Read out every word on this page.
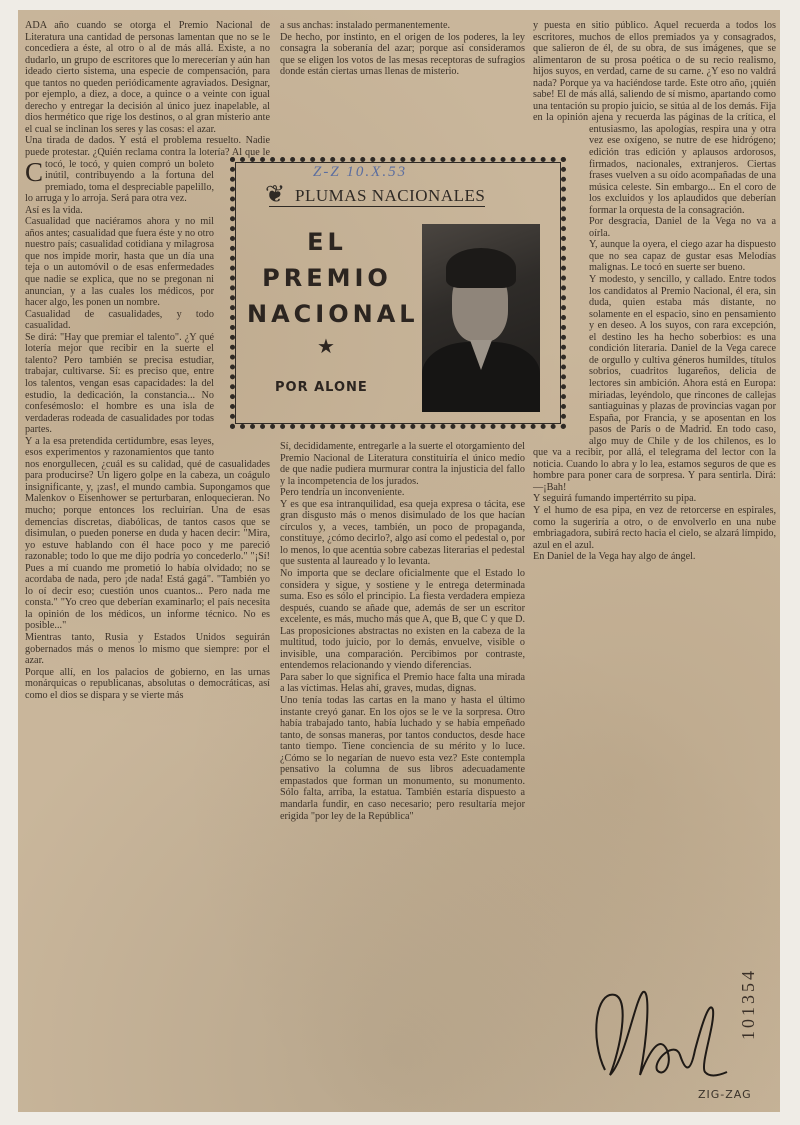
C
ADA año cuando se otorga el Premio Nacional de Literatura una cantidad de personas lamentan que no se le concediera a éste, al otro o al de más allá. Existe, a no dudarlo, un grupo de escritores que lo merecerían y aún han ideado cierto sistema, una especie de compensación, para que tantos no queden periódicamente agraviados. Designar, por ejemplo, a diez, a doce, a quince o a veinte con igual derecho y entregar la decisión al único juez inapelable, al dios hermético que rige los destinos, o al gran misterio ante el cual se inclinan los seres y las cosas: el azar.

Una tirada de dados. Y está el problema resuelto. Nadie puede protestar. ¿Quién reclama contra la lotería? Al que le tocó, le tocó, y quien compró un boleto inútil, contribuyendo a la fortuna del premiado, toma el despreciable papelillo, lo arruga y lo arroja. Será para otra vez.

Así es la vida.

Casualidad que naciéramos ahora y no mil años antes; casualidad que fuera éste y no otro nuestro país; casualidad cotidiana y milagrosa que nos impide morir, hasta que un día una teja o un automóvil o de esas enfermedades que nadie se explica, que no se pregonan ni anuncian, y a las cuales los médicos, por hacer algo, les ponen un nombre.

Casualidad de casualidades, y todo casualidad.

Se dirá: "Hay que premiar el talento". ¿Y qué lotería mejor que recibir en la suerte el talento? Pero también se precisa estudiar, trabajar, cultivarse. Sí: es preciso que, entre los talentos, vengan esas capacidades: la del estudio, la dedicación, la constancia... No confesémoslo: el hombre es una isla de verdaderas rodeada de casualidades por todas partes.

Y a la esa pretendida certidumbre, esas leyes, esos experimentos y razonamientos que tanto nos enorgullecen, ¿cuál es su calidad, qué de casualidades para producirse? Un ligero golpe en la cabeza, un coágulo insignificante, y, ¡zas!, el mundo cambia. Supongamos que Malenkov o Eisenhower se perturbaran, enloquecieran. No mucho; porque entonces los recluirían. Una de esas demencias discretas, diabólicas, de tantos casos que se disimulan, o pueden ponerse en duda y hacen decir: "Mira, yo estuve hablando con él hace poco y me pareció razonable; todo lo que me dijo podría yo concederlo." "¡Sí! Pues a mí cuando me prometió lo había olvidado; no se acordaba de nada, pero ¡de nada! Está gagá". "También yo lo oí decir eso; cuestión unos cuantos... Pero nada me consta." "Yo creo que deberían examinarlo; el país necesita la opinión de los médicos, un informe técnico. No es posible..."

Mientras tanto, Rusia y Estados Unidos seguirán gobernados más o menos lo mismo que siempre: por el azar.

Porque allí, en los palacios de gobierno, en las urnas monárquicas o republicanas, absolutas o democráticas, así como el dios se dispara y se vierte más

a sus anchas: instalado permanentemente.

De hecho, por instinto, en el origen de los poderes, la ley consagra la soberanía del azar; porque así consideramos que se eligen los votos de las mesas receptoras de sufragios donde están ciertas urnas llenas de misterio.

Sí, decididamente, entregarle a la suerte el otorgamiento del Premio Nacional de Literatura constituiría el único medio de que nadie pudiera murmurar contra la injusticia del fallo y la incompetencia de los jurados.

Pero tendría un inconveniente.

Y es que esa intranquilidad, esa queja expresa o tácita, ese gran disgusto más o menos disimulado de los que hacían círculos y, a veces, también, un poco de propaganda, constituye, ¿cómo decirlo?, algo así como el pedestal o, por lo menos, lo que acentúa sobre cabezas literarias el pedestal que sustenta al laureado y lo levanta.

No importa que se declare oficialmente que el Estado lo considera y sigue, y sostiene y le entrega determinada suma. Eso es sólo el principio. La fiesta verdadera empieza después, cuando se añade que, además de ser un escritor excelente, es más, mucho más que A, que B, que C y que D. Las proposiciones abstractas no existen en la cabeza de la multitud, todo juicio, por lo demás, envuelve, visible o invisible, una comparación. Percibimos por contraste, entendemos relacionando y viendo diferencias.

Para saber lo que significa el Premio hace falta una mirada a las víctimas. Helas ahí, graves, mudas, dignas.

Uno tenía todas las cartas en la mano y hasta el último instante creyó ganar. En los ojos se le ve la sorpresa. Otro había trabajado tanto, había luchado y se había empeñado tanto, de sonsas maneras, por tantos conductos, desde hace tanto tiempo. Tiene conciencia de su mérito y lo luce. ¿Cómo se lo negarían de nuevo esta vez? Este contempla pensativo la columna de sus libros adecuadamente empastados que forman un monumento, su monumento. Sólo falta, arriba, la estatua. También estaría dispuesto a mandarla fundir, en caso necesario; pero resultaría mejor erigida "por ley de la República"

y puesta en sitio público. Aquel recuerda a todos los escritores, muchos de ellos premiados ya y consagrados, que salieron de él, de su obra, de sus imágenes, que se alimentaron de su prosa poética o de su recio realismo, hijos suyos, en verdad, carne de su carne. ¿Y eso no valdrá nada? Porque ya va haciéndose tarde. Este otro año, ¡quién sabe! El de más allá, saliendo de sí mismo, apartando como una tentación su propio juicio, se sitúa al de los demás. Fija en la opinión ajena y recuerda las páginas de la crítica, el entusiasmo, las apologías, respira una y otra vez ese oxígeno, se nutre de ese hidrógeno; edición tras edición y aplausos ardorosos, firmados, nacionales, extranjeros. Ciertas frases vuelven a su oído acompañadas de una música celeste. Sin embargo... En el coro de los excluidos y los aplaudidos que deberían formar la orquesta de la consagración.

Por desgracia, Daniel de la Vega no va a oírla.

Y, aunque la oyera, el ciego azar ha dispuesto que no sea capaz de gustar esas Melodías malignas. Le tocó en suerte ser bueno.

Y modesto, y sencillo, y callado. Entre todos los candidatos al Premio Nacional, él era, sin duda, quien estaba más distante, no solamente en el espacio, sino en pensamiento y en deseo. A los suyos, con rara excepción, el destino les ha hecho soberbios: es una condición literaria. Daniel de la Vega carece de orgullo y cultiva géneros humildes, títulos sobrios, cuadritos lugareños, delicia de lectores sin ambición. Ahora está en Europa: miriadas, leyéndolo, que rincones de callejas santiaguinas y plazas de provincias vagan por España, por Francia, y se aposentan en los pasos de París o de Madrid. En todo caso, algo muy de Chile y de los chilenos, es lo que va a recibir, por allá, el telegrama del lector con la noticia. Cuando lo abra y lo lea, estamos seguros de que es hombre para poner cara de sorpresa. Y para sentirla. Dirá: —¡Bah!

Y seguirá fumando impertérrito su pipa.

Y el humo de esa pipa, en vez de retorcerse en espirales, como la sugeriría a otro, o de envolverlo en una nube embriagadora, subirá recto hacia el cielo, se alzará límpido, azul en el azul.

En Daniel de la Vega hay algo de ángel.

Z-Z 10.X.53
❦ PLUMAS NACIONALES
EL
PREMIO
NACIONAL
★
POR ALONE
ZIG-ZAG
101354
